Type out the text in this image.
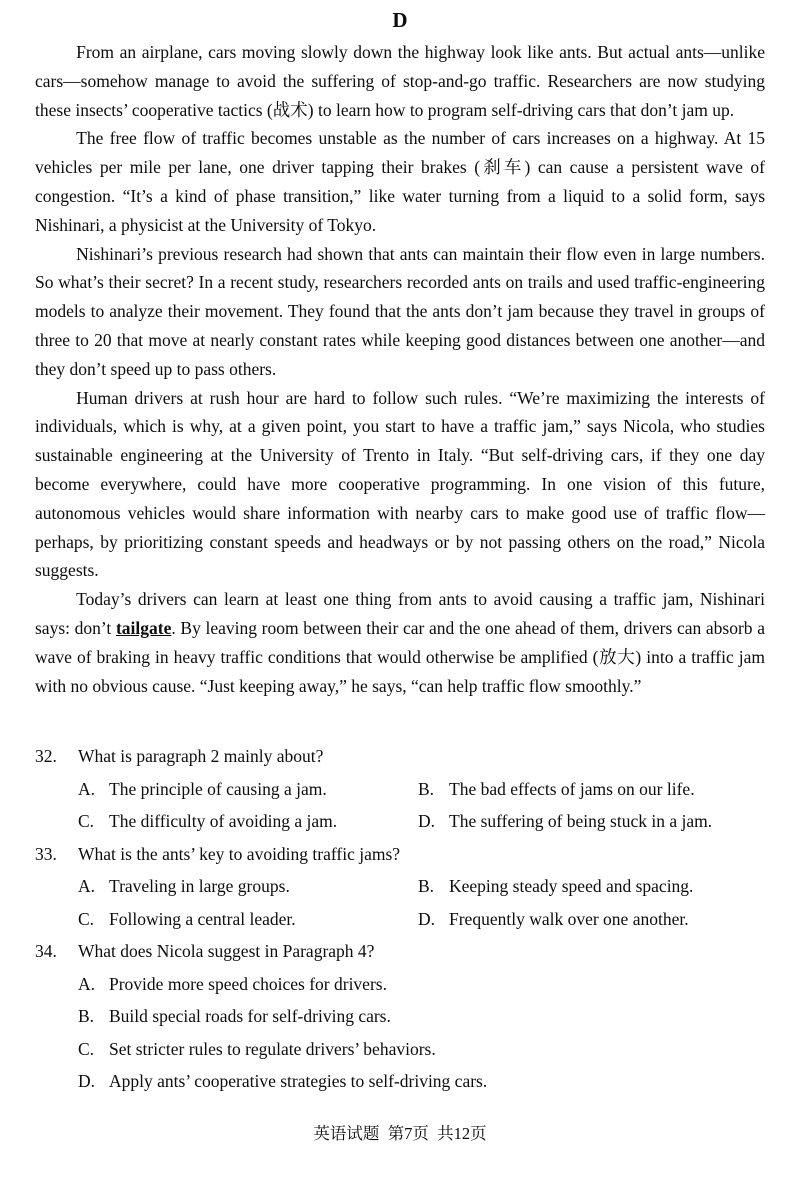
D

From an airplane, cars moving slowly down the highway look like ants. But actual ants—unlike cars—somehow manage to avoid the suffering of stop-and-go traffic. Researchers are now studying these insects’ cooperative tactics (战术) to learn how to program self-driving cars that don’t jam up.

The free flow of traffic becomes unstable as the number of cars increases on a highway. At 15 vehicles per mile per lane, one driver tapping their brakes (刹车) can cause a persistent wave of congestion. “It’s a kind of phase transition,” like water turning from a liquid to a solid form, says Nishinari, a physicist at the University of Tokyo.

Nishinari’s previous research had shown that ants can maintain their flow even in large numbers. So what’s their secret? In a recent study, researchers recorded ants on trails and used traffic-engineering models to analyze their movement. They found that the ants don’t jam because they travel in groups of three to 20 that move at nearly constant rates while keeping good distances between one another—and they don’t speed up to pass others.

Human drivers at rush hour are hard to follow such rules. “We’re maximizing the interests of individuals, which is why, at a given point, you start to have a traffic jam,” says Nicola, who studies sustainable engineering at the University of Trento in Italy. “But self-driving cars, if they one day become everywhere, could have more cooperative programming. In one vision of this future, autonomous vehicles would share information with nearby cars to make good use of traffic flow—perhaps, by prioritizing constant speeds and headways or by not passing others on the road,” Nicola suggests.

Today’s drivers can learn at least one thing from ants to avoid causing a traffic jam, Nishinari says: don’t tailgate. By leaving room between their car and the one ahead of them, drivers can absorb a wave of braking in heavy traffic conditions that would otherwise be amplified (放大) into a traffic jam with no obvious cause. “Just keeping away,” he says, “can help traffic flow smoothly.”

32.	What is paragraph 2 mainly about?
A. The principle of causing a jam.	B. The bad effects of jams on our life.
C. The difficulty of avoiding a jam.	D. The suffering of being stuck in a jam.
33.	What is the ants’ key to avoiding traffic jams?
A. Traveling in large groups.	B. Keeping steady speed and spacing.
C. Following a central leader.	D. Frequently walk over one another.
34.	What does Nicola suggest in Paragraph 4?
A. Provide more speed choices for drivers.
B. Build special roads for self-driving cars.
C. Set stricter rules to regulate drivers’ behaviors.
D. Apply ants’ cooperative strategies to self-driving cars.
英语试题  第7页  共12页
